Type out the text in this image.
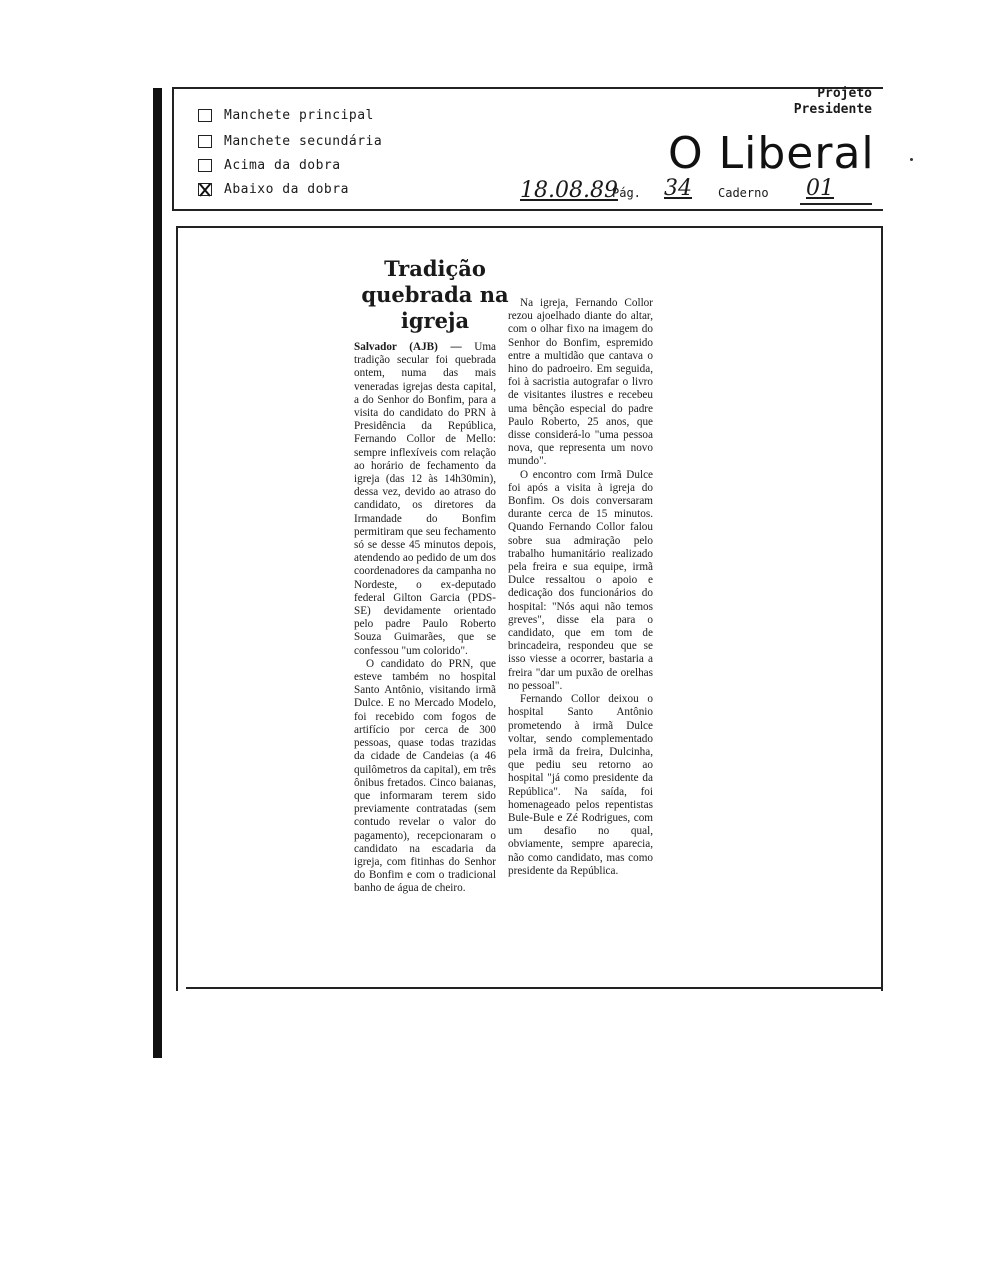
Manchete principal
Manchete secundária
Acima da dobra
Abaixo da dobra
Projeto
Presidente
O Liberal
18.08.89
Pág. 34 Caderno 01
Tradição quebrada na igreja

Salvador (AJB) — Uma tradição secular foi quebrada ontem, numa das mais veneradas igrejas desta capital, a do Senhor do Bonfim, para a visita do candidato do PRN à Presidência da República, Fernando Collor de Mello: sempre inflexíveis com relação ao horário de fechamento da igreja (das 12 às 14h30min), dessa vez, devido ao atraso do candidato, os diretores da Irmandade do Bonfim permitiram que seu fechamento só se desse 45 minutos depois, atendendo ao pedido de um dos coordenadores da campanha no Nordeste, o ex-deputado federal Gilton Garcia (PDS-SE) devidamente orientado pelo padre Paulo Roberto Souza Guimarães, que se confessou "um colorido".

O candidato do PRN, que esteve também no hospital Santo Antônio, visitando irmã Dulce. E no Mercado Modelo, foi recebido com fogos de artifício por cerca de 300 pessoas, quase todas trazidas da cidade de Candeias (a 46 quilômetros da capital), em três ônibus fretados. Cinco baianas, que informaram terem sido previamente contratadas (sem contudo revelar o valor do pagamento), recepcionaram o candidato na escadaria da igreja, com fitinhas do Senhor do Bonfim e com o tradicional banho de água de cheiro.

Na igreja, Fernando Collor rezou ajoelhado diante do altar, com o olhar fixo na imagem do Senhor do Bonfim, espremido entre a multidão que cantava o hino do padroeiro. Em seguida, foi à sacristia autografar o livro de visitantes ilustres e recebeu uma bênção especial do padre Paulo Roberto, 25 anos, que disse considerá-lo "uma pessoa nova, que representa um novo mundo".

O encontro com Irmã Dulce foi após a visita à igreja do Bonfim. Os dois conversaram durante cerca de 15 minutos. Quando Fernando Collor falou sobre sua admiração pelo trabalho humanitário realizado pela freira e sua equipe, irmã Dulce ressaltou o apoio e dedicação dos funcionários do hospital: "Nós aqui não temos greves", disse ela para o candidato, que em tom de brincadeira, respondeu que se isso viesse a ocorrer, bastaria a freira "dar um puxão de orelhas no pessoal".

Fernando Collor deixou o hospital Santo Antônio prometendo à irmã Dulce voltar, sendo complementado pela irmã da freira, Dulcinha, que pediu seu retorno ao hospital "já como presidente da República". Na saída, foi homenageado pelos repentistas Bule-Bule e Zé Rodrigues, com um desafio no qual, obviamente, sempre aparecia, não como candidato, mas como presidente da República.
